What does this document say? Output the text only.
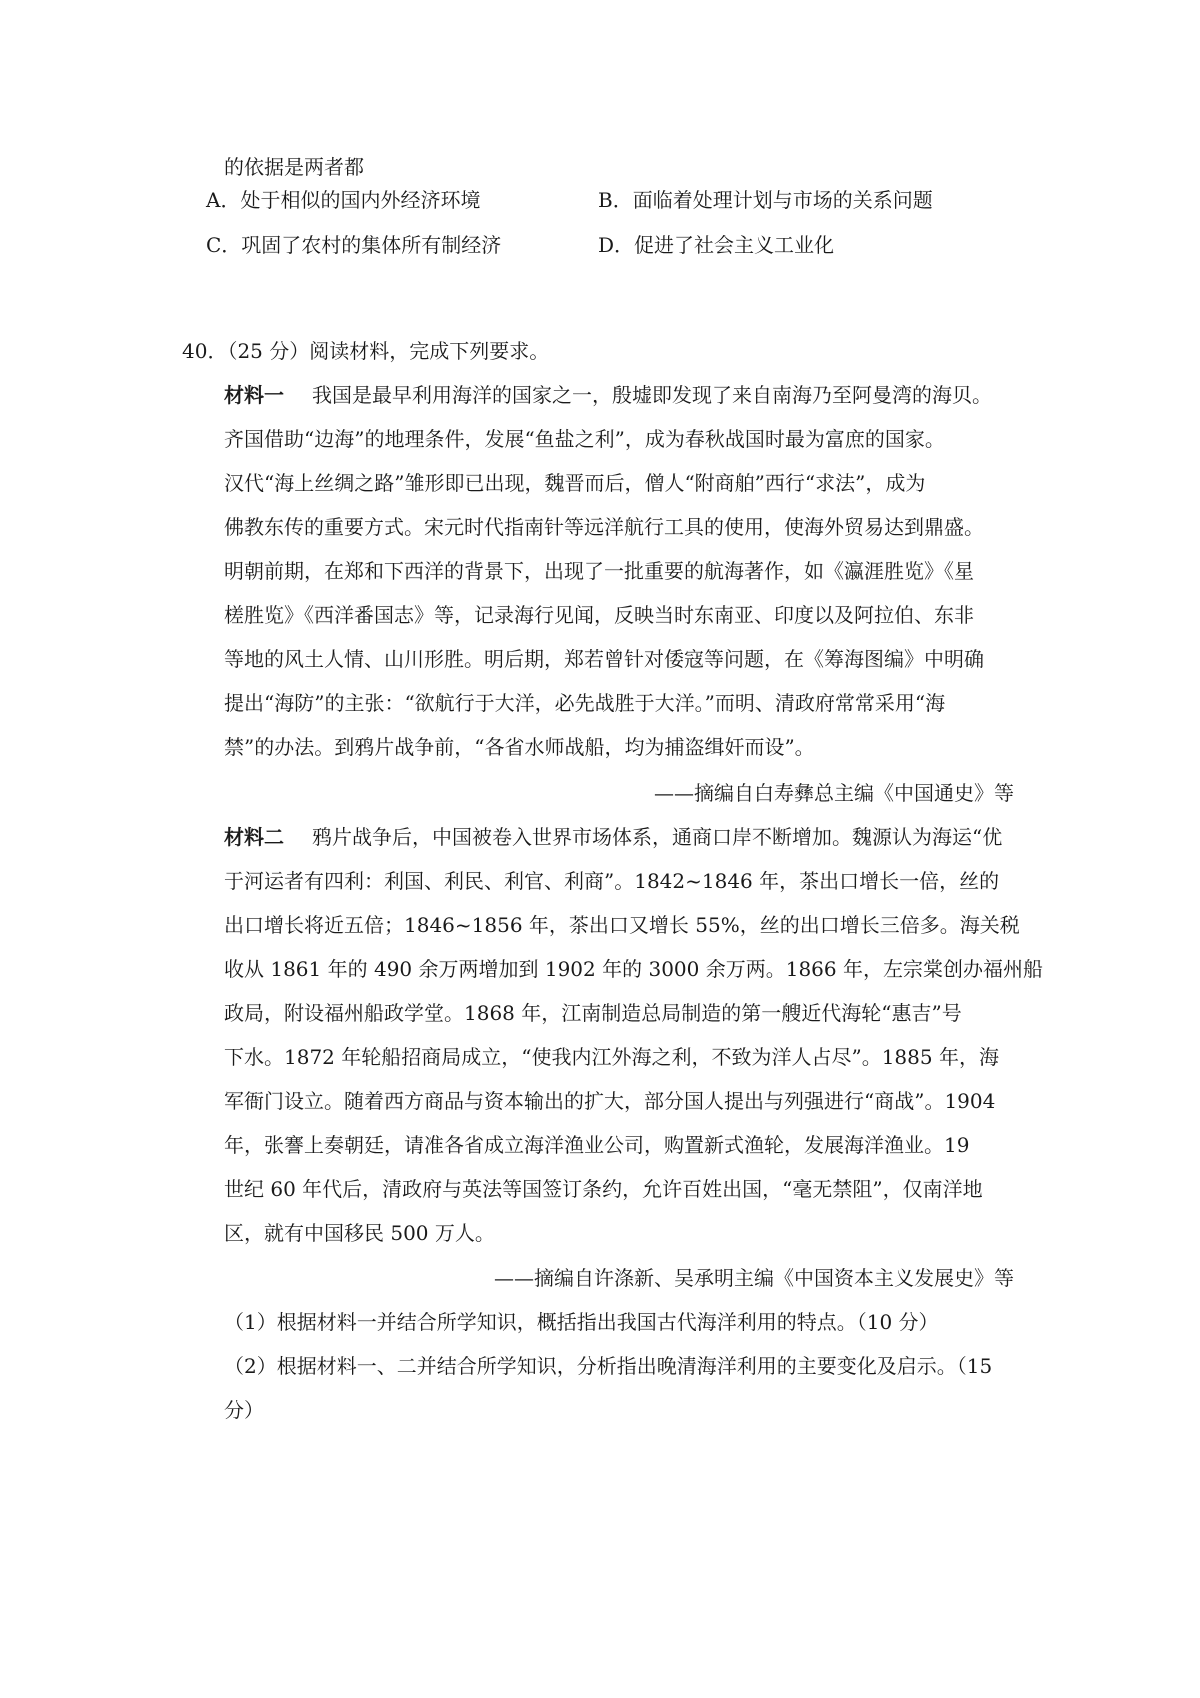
的依据是两者都
A．处于相似的国内外经济环境	B．面临着处理计划与市场的关系问题
C．巩固了农村的集体所有制经济	D．促进了社会主义工业化
40．（25 分）阅读材料，完成下列要求。
材料一 我国是最早利用海洋的国家之一，殷墟即发现了来自南海乃至阿曼湾的海贝。
齐国借助“边海”的地理条件，发展“鱼盐之利”，成为春秋战国时最为富庶的国家。
汉代“海上丝绸之路”雏形即已出现，魏晋而后，僧人“附商舶”西行“求法”，成为
佛教东传的重要方式。宋元时代指南针等远洋航行工具的使用，使海外贸易达到鼎盛。
明朝前期，在郑和下西洋的背景下，出现了一批重要的航海著作，如《瀛涯胜览》《星
槎胜览》《西洋番国志》等，记录海行见闻，反映当时东南亚、印度以及阿拉伯、东非
等地的风土人情、山川形胜。明后期，郑若曾针对倭寇等问题，在《筹海图编》中明确
提出“海防”的主张：“欲航行于大洋，必先战胜于大洋。”而明、清政府常常采用“海
禁”的办法。到鸦片战争前，“各省水师战船，均为捕盗缉奸而设”。
——摘编自白寿彝总主编《中国通史》等
材料二 鸦片战争后，中国被卷入世界市场体系，通商口岸不断增加。魏源认为海运“优
于河运者有四利：利国、利民、利官、利商”。1842~1846 年，茶出口增长一倍，丝的
出口增长将近五倍；1846~1856 年，茶出口又增长 55%，丝的出口增长三倍多。海关税
收从 1861 年的 490 余万两增加到 1902 年的 3000 余万两。1866 年，左宗棠创办福州船
政局，附设福州船政学堂。1868 年，江南制造总局制造的第一艘近代海轮“惠吉”号
下水。1872 年轮船招商局成立，“使我内江外海之利，不致为洋人占尽”。1885 年，海
军衙门设立。随着西方商品与资本输出的扩大，部分国人提出与列强进行“商战”。1904
年，张謇上奏朝廷，请准各省成立海洋渔业公司，购置新式渔轮，发展海洋渔业。19
世纪 60 年代后，清政府与英法等国签订条约，允许百姓出国，“毫无禁阻”，仅南洋地
区，就有中国移民 500 万人。
——摘编自许涤新、吴承明主编《中国资本主义发展史》等
（1）根据材料一并结合所学知识，概括指出我国古代海洋利用的特点。（10 分）
（2）根据材料一、二并结合所学知识，分析指出晚清海洋利用的主要变化及启示。（15
分）
